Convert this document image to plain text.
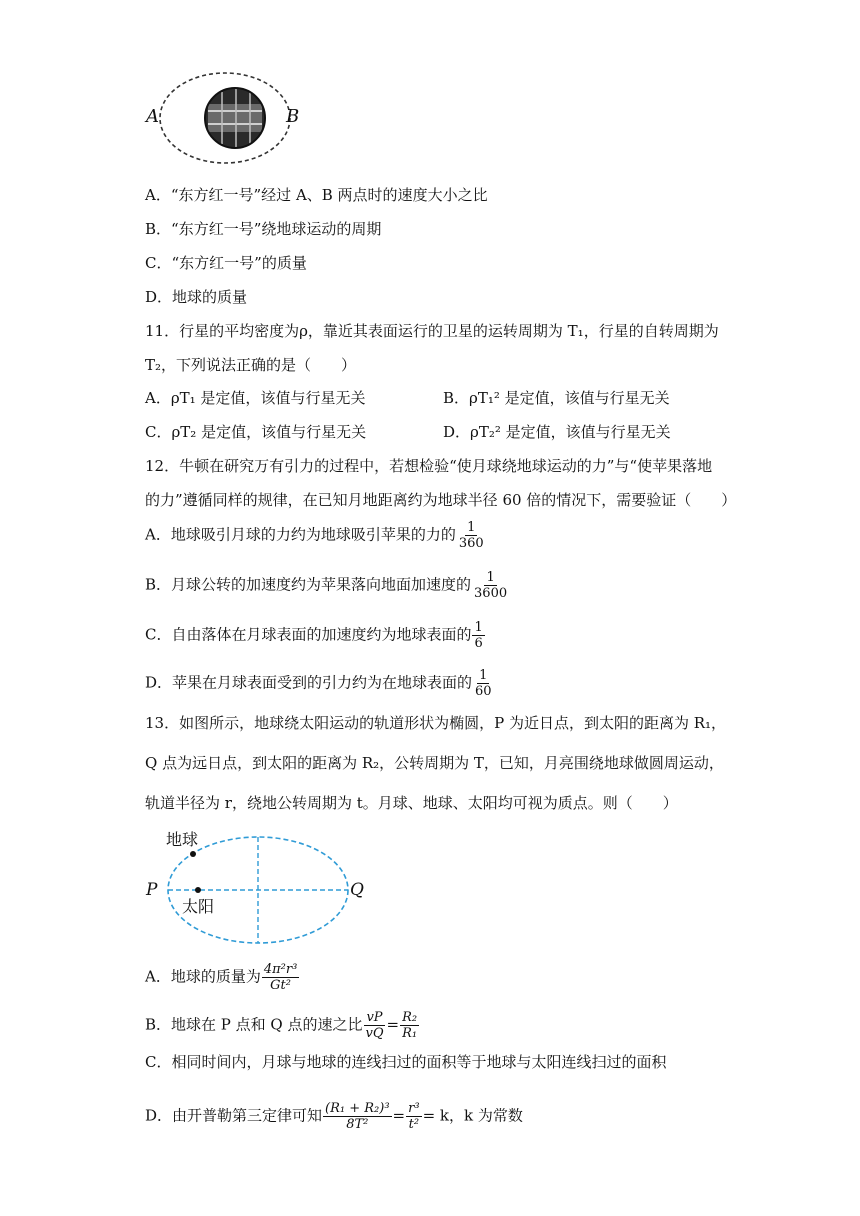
A	B
A．“东方红一号”经过 A、B 两点时的速度大小之比
B．“东方红一号”绕地球运动的周期
C．“东方红一号”的质量
D．地球的质量
11．行星的平均密度为ρ，靠近其表面运行的卫星的运转周期为 T₁，行星的自转周期为
T₂，下列说法正确的是（　　）
A．ρT₁ 是定值，该值与行星无关	B．ρT₁² 是定值，该值与行星无关
C．ρT₂ 是定值，该值与行星无关	D．ρT₂² 是定值，该值与行星无关
12．牛顿在研究万有引力的过程中，若想检验“使月球绕地球运动的力”与“使苹果落地
的力”遵循同样的规律，在已知月地距离约为地球半径 60 倍的情况下，需要验证（　　）
A．地球吸引月球的力约为地球吸引苹果的力的 $\frac{1}{360}$
B．月球公转的加速度约为苹果落向地面加速度的 $\frac{1}{3600}$
C．自由落体在月球表面的加速度约为地球表面的 $\frac{1}{6}$
D．苹果在月球表面受到的引力约为在地球表面的 $\frac{1}{60}$
13．如图所示，地球绕太阳运动的轨道形状为椭圆，P 为近日点，到太阳的距离为 R₁，
Q 点为远日点，到太阳的距离为 R₂，公转周期为 T，已知，月亮围绕地球做圆周运动，
轨道半径为 r，绕地公转周期为 t。月球、地球、太阳均可视为质点。则（　　）
地球
太阳
P	Q
A．地球的质量为 $\frac{\text{4π²r³}}{\text{Gt²}}$
B．地球在 P 点和 Q 点的速之比 $\frac{vP}{vQ} = \frac{\text{R₂}}{\text{R₁}}$
C．相同时间内，月球与地球的连线扫过的面积等于地球与太阳连线扫过的面积
D．由开普勒第三定律可知 $\frac{\text{(R₁ + R₂)³}}{\text{8T²}} = \frac{\text{r³}}{\text{t²}} = k$，k 为常数
